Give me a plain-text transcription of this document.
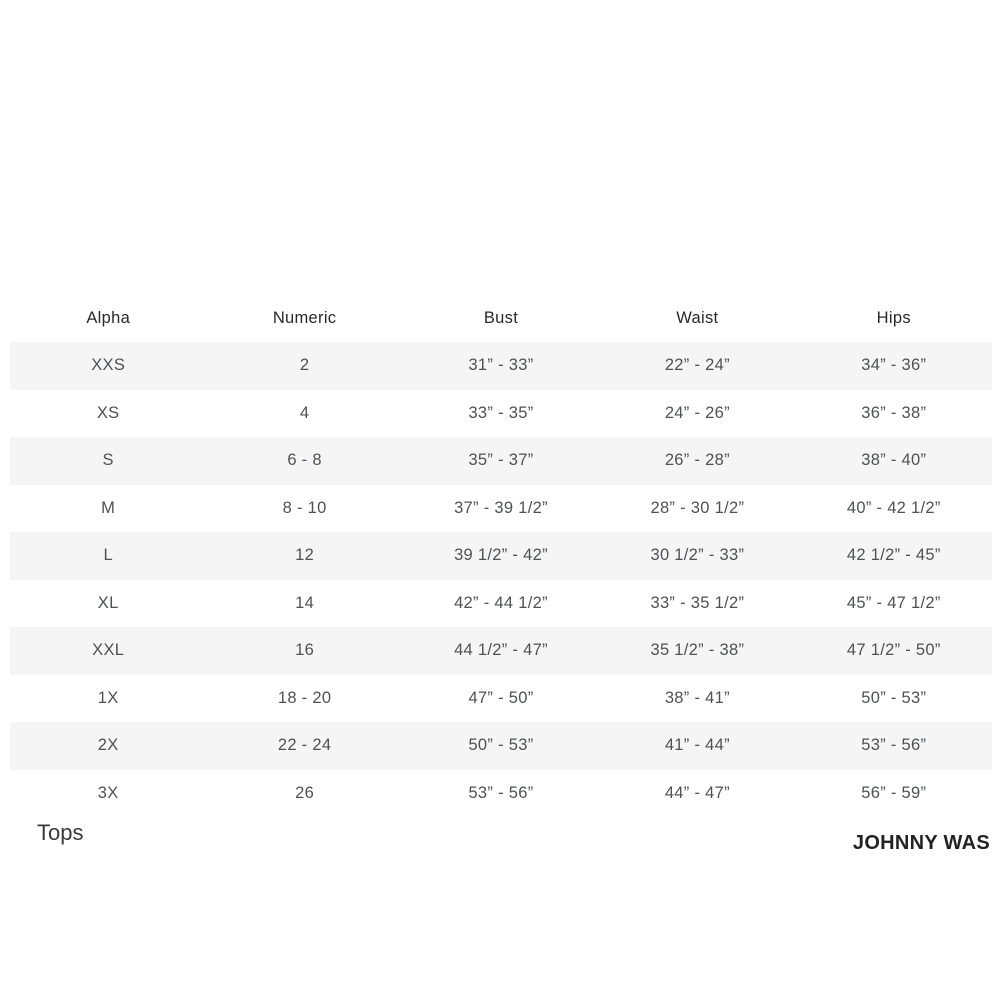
Alpha	Numeric	Bust	Waist	Hips
XXS	2	31” - 33”	22” - 24”	34” - 36”
XS	4	33” - 35”	24” - 26”	36” - 38”
S	6 - 8	35” - 37”	26” - 28”	38” - 40”
M	8 - 10	37” - 39 1/2”	28” - 30 1/2”	40” - 42 1/2”
L	12	39 1/2” - 42”	30 1/2” - 33”	42 1/2” - 45”
XL	14	42” - 44 1/2”	33” - 35 1/2”	45” - 47 1/2”
XXL	16	44 1/2” - 47”	35 1/2” - 38”	47 1/2” - 50”
1X	18 - 20	47” - 50”	38” - 41”	50” - 53”
2X	22 - 24	50” - 53”	41” - 44”	53” - 56”
3X	26	53” - 56”	44” - 47”	56” - 59”
Tops	JOHNNY WAS
